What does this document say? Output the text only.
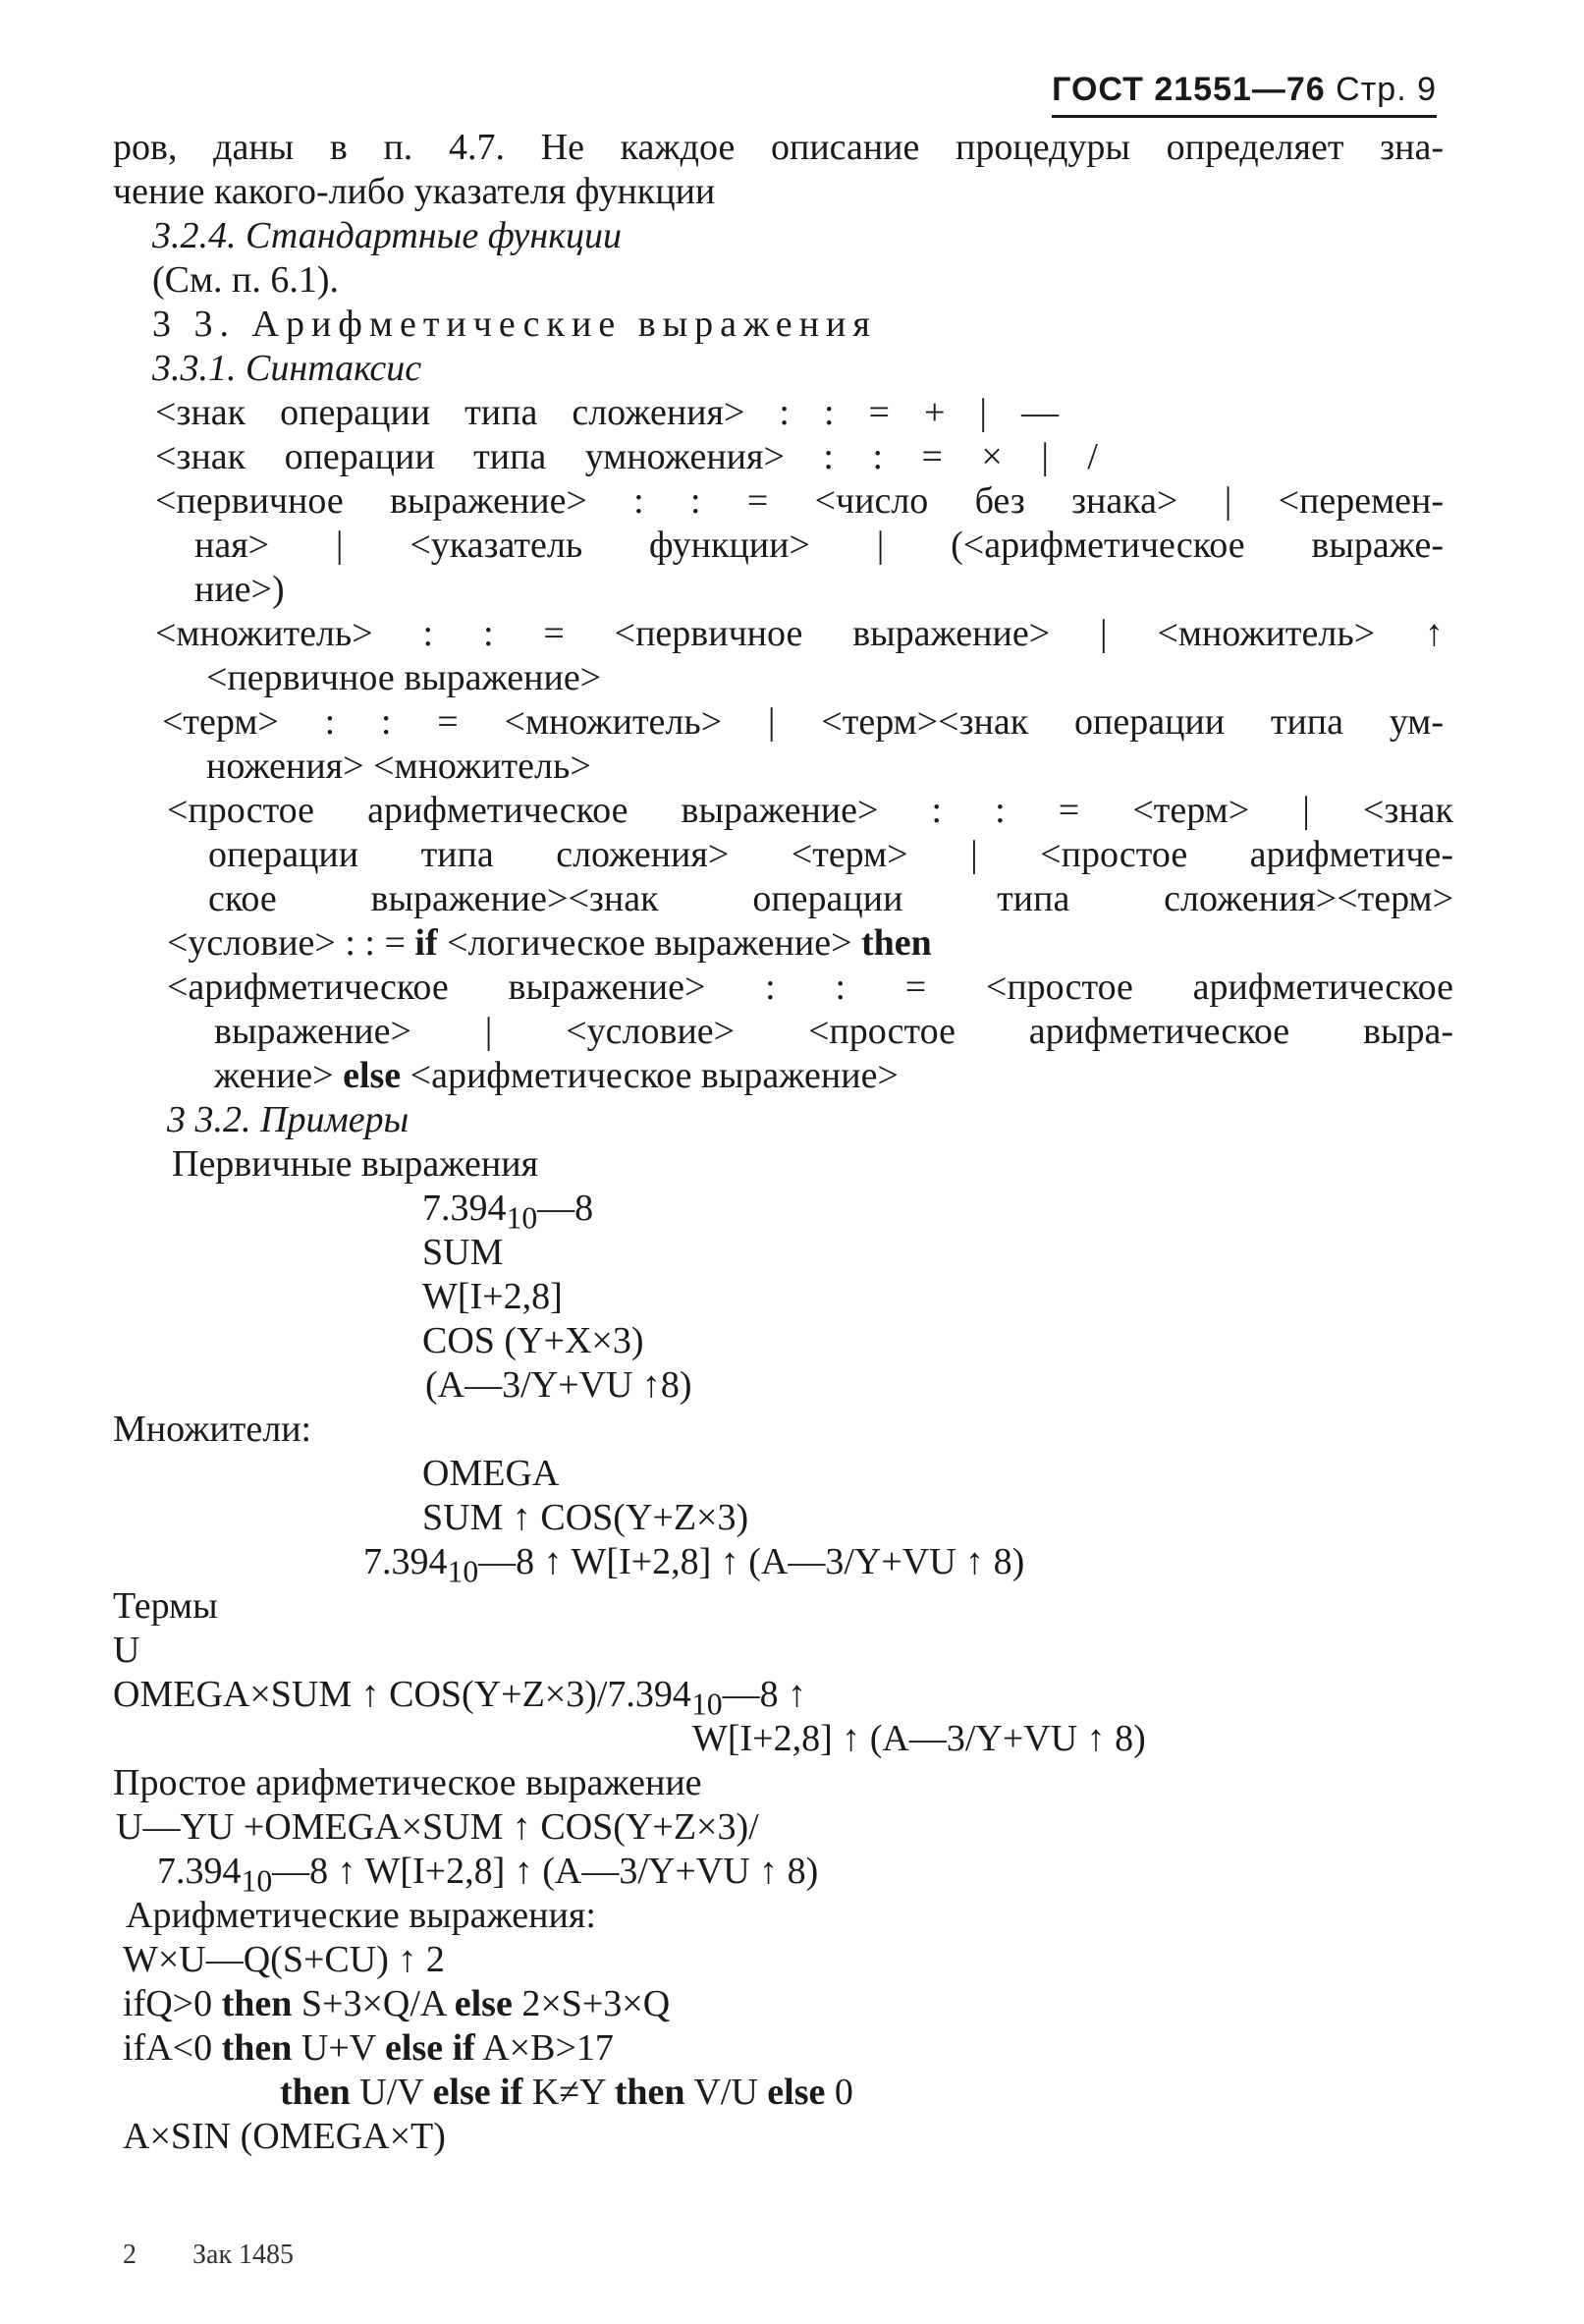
ГОСТ 21551—76 Стр. 9
ров, даны в п. 4.7. Не каждое описание процедуры определяет зна-
чение какого-либо указателя функции
3.2.4. Стандартные функции
(См. п. 6.1).
3 3. Арифметические выражения
3.3.1. Синтаксис
<знак операции типа сложения> : : = + | —
<знак операции типа умножения> : : = × | /
<первичное выражение> : : = <число без знака> | <перемен-
ная> | <указатель функции> | (<арифметическое выраже-
ние>)
<множитель> : : = <первичное выражение> | <множитель> ↑
<первичное выражение>
<терм> : : = <множитель> | <терм><знак операции типа ум-
ножения> <множитель>
<простое арифметическое выражение> : : = <терм> | <знак
операции типа сложения> <терм> | <простое арифметиче-
ское выражение><знак операции типа сложения><терм>
<условие> : : = if <логическое выражение> then
<арифметическое выражение> : : = <простое арифметическое
выражение> | <условие> <простое арифметическое выра-
жение> else <арифметическое выражение>
3 3.2. Примеры
Первичные выражения
$7.394_{10}—8$
SUM
W[I+2,8]
COS (Y+X×3)
(A—3/Y+VU ↑8)
Множители:
OMEGA
SUM ↑ COS(Y+Z×3)
$7.394_{10}—8$ ↑ W[I+2,8] ↑ (A—3/Y+VU ↑ 8)
Термы
U
OMEGA×SUM ↑ $COS(Y+Z\times 3)/7.394_{10}—8$ ↑
W[I+2,8] ↑ (A—3/Y+VU ↑ 8)
Простое арифметическое выражение
U—YU +OMEGA×SUM ↑ COS(Y+Z×3)/
$7.394_{10}—8$ ↑ W[I+2,8] ↑ (A—3/Y+VU ↑ 8)
Арифметические выражения:
W×U—Q(S+CU) ↑ 2
ifQ>0 then S+3×Q/A else 2×S+3×Q
ifA<0 then U+V else if A×B>17
then U/V else if K≠Y then V/U else 0
A×SIN (OMEGA×T)
2 Зак 1485
